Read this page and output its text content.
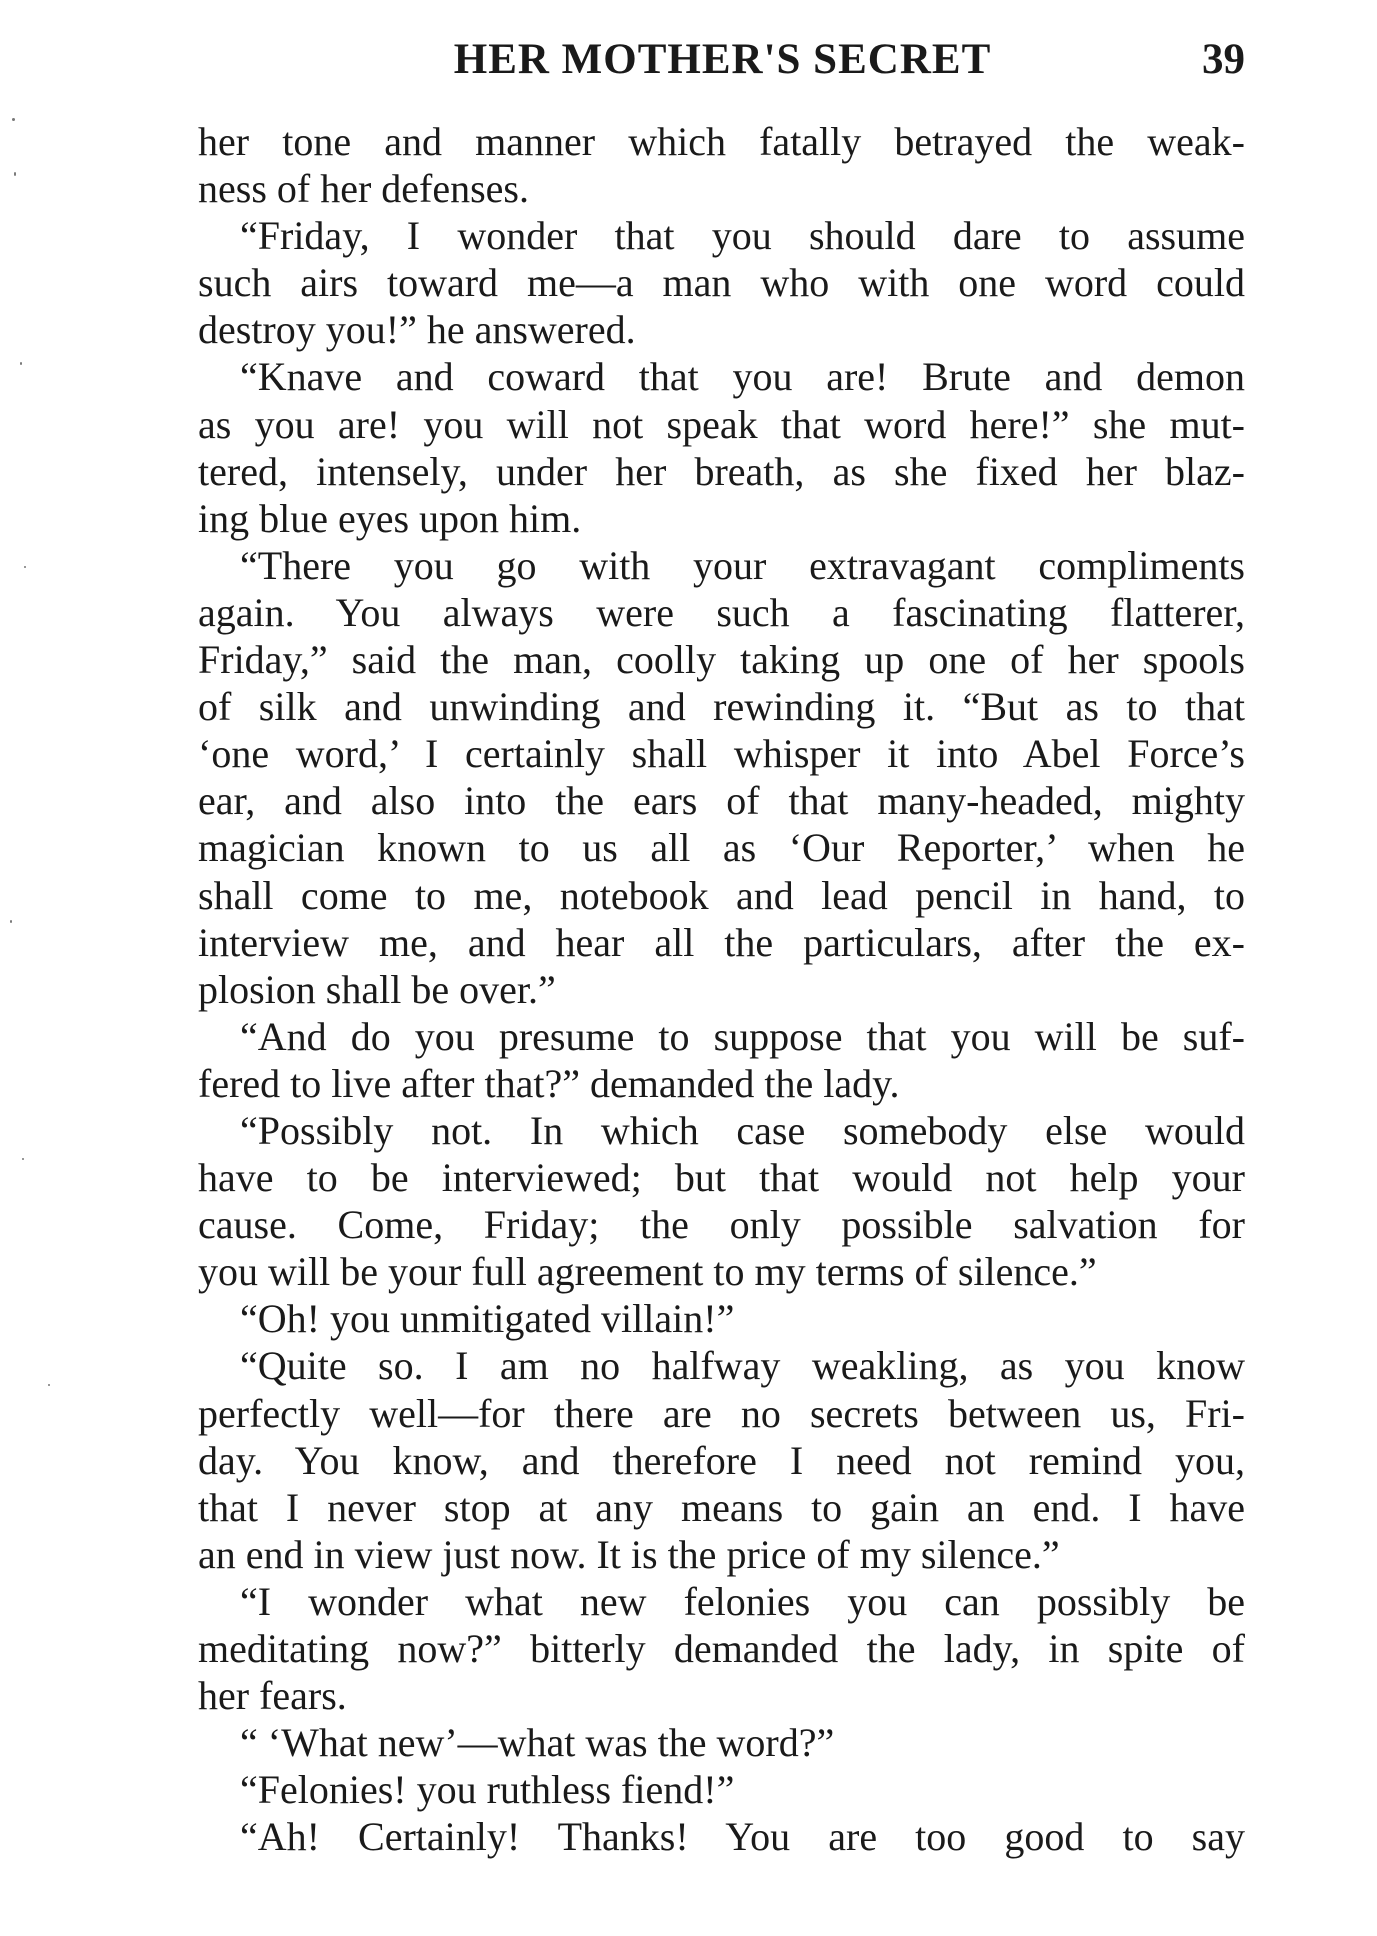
HER MOTHER'S SECRET	39
her tone and manner which fatally betrayed the weak-
ness of her defenses.
“Friday, I wonder that you should dare to assume
such airs toward me—a man who with one word could
destroy you!” he answered.
“Knave and coward that you are! Brute and demon
as you are! you will not speak that word here!” she mut-
tered, intensely, under her breath, as she fixed her blaz-
ing blue eyes upon him.
“There you go with your extravagant compliments
again. You always were such a fascinating flatterer,
Friday,” said the man, coolly taking up one of her spools
of silk and unwinding and rewinding it. “But as to that
‘one word,’ I certainly shall whisper it into Abel Force’s
ear, and also into the ears of that many-headed, mighty
magician known to us all as ‘Our Reporter,’ when he
shall come to me, notebook and lead pencil in hand, to
interview me, and hear all the particulars, after the ex-
plosion shall be over.”
“And do you presume to suppose that you will be suf-
fered to live after that?” demanded the lady.
“Possibly not. In which case somebody else would
have to be interviewed; but that would not help your
cause. Come, Friday; the only possible salvation for
you will be your full agreement to my terms of silence.”
“Oh! you unmitigated villain!”
“Quite so. I am no halfway weakling, as you know
perfectly well—for there are no secrets between us, Fri-
day. You know, and therefore I need not remind you,
that I never stop at any means to gain an end. I have
an end in view just now. It is the price of my silence.”
“I wonder what new felonies you can possibly be
meditating now?” bitterly demanded the lady, in spite of
her fears.
“ ‘What new’—what was the word?”
“Felonies! you ruthless fiend!”
“Ah! Certainly! Thanks! You are too good to say
